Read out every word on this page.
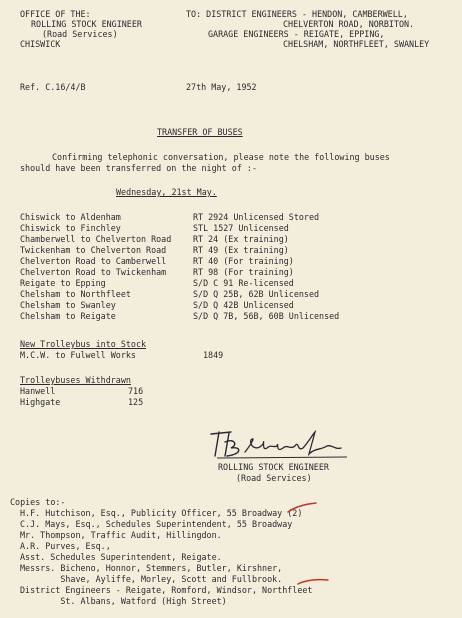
OFFICE OF THE:
ROLLING STOCK ENGINEER
(Road Services)
CHISWICK
TO: DISTRICT ENGINEERS - HENDON, CAMBERWELL,
CHELVERTON ROAD, NORBITON.
GARAGE ENGINEERS - REIGATE, EPPING,
CHELSHAM, NORTHFLEET, SWANLEY
Ref. C.16/4/B	27th May, 1952
TRANSFER OF BUSES
Confirming telephonic conversation, please note the following buses
should have been transferred on the night of :-
Wednesday, 21st May.
Chiswick to Aldenham	RT 2924 Unlicensed Stored
Chiswick to Finchley	STL 1527 Unlicensed
Chamberwell to Chelverton Road	RT 24 (Ex training)
Twickenham to Chelverton Road	RT 49 (Ex training)
Chelverton Road to Camberwell	RT 40 (For training)
Chelverton Road to Twickenham	RT 98 (For training)
Reigate to Epping	S/D C 91 Re-licensed
Chelsham to Northfleet	S/D Q 25B, 62B Unlicensed
Chelsham to Swanley	S/D Q 42B Unlicensed
Chelsham to Reigate	S/D Q 7B, 56B, 60B Unlicensed
New Trolleybus into Stock
M.C.W. to Fulwell Works	1849
Trolleybuses Withdrawn
Hanwell	716
Highgate	125
ROLLING STOCK ENGINEER
(Road Services)
Copies to:-
H.F. Hutchison, Esq., Publicity Officer, 55 Broadway (2)
C.J. Mays, Esq., Schedules Superintendent, 55 Broadway
Mr. Thompson, Traffic Audit, Hillingdon.
A.R. Purves, Esq.,
Asst. Schedules Superintendent, Reigate.
Messrs. Bicheno, Honnor, Stemmers, Butler, Kirshner,
Shave, Ayliffe, Morley, Scott and Fullbrook.
District Engineers - Reigate, Romford, Windsor, Northfleet
St. Albans, Watford (High Street)
